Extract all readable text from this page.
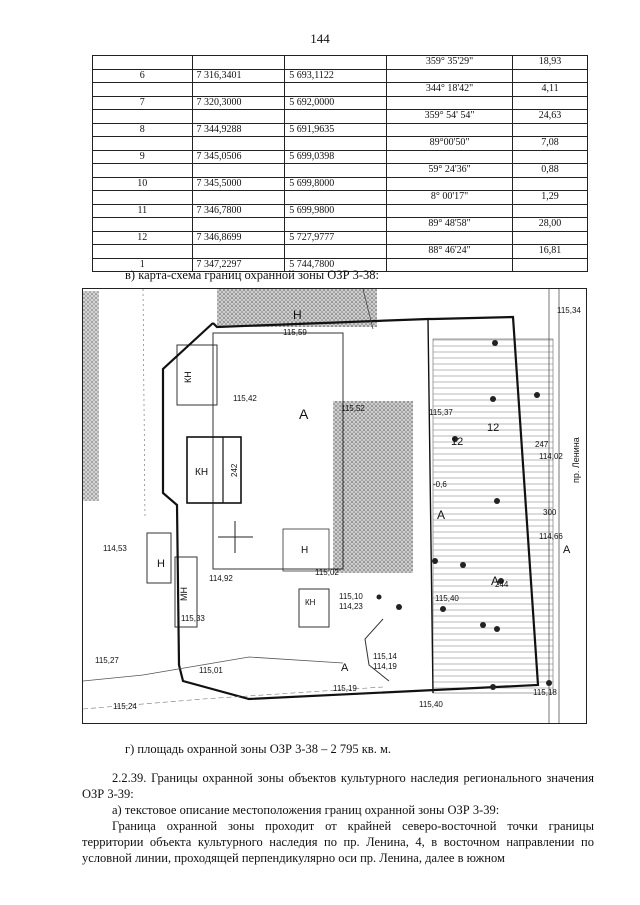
144
			359° 35'29"	18,93
6	7 316,3401	5 693,1122		
			344° 18'42"	4,11
7	7 320,3000	5 692,0000		
			359° 54' 54"	24,63
8	7 344,9288	5 691,9635		
			89°00'50"	7,08
9	7 345,0506	5 699,0398		
			59° 24'36"	0,88
10	7 345,5000	5 699,8000		
			8° 00'17"	1,29
11	7 346,7800	5 699,9800		
			89° 48'58"	28,00
12	7 346,8699	5 727,9777		
			88° 46'24"	16,81
1	7 347,2297	5 744,7800		
в) карта-схема границ охранной зоны ОЗР 3-38:
Н
КН
А
КН
Н
МН
КН
Н
А
А
А
А
115,59
115,42
115,52	115,37
114,53
114,92
115,02
115,10
114,23
115,40
115,14
114,19
115,19
115,27
115,01
115,33
114,02
114,66
115,18
115,34
115,24	115,40
247
300
244
12
12
-0,6
242	пр. Ленина
г) площадь охранной зоны ОЗР 3-38 – 2 795 кв. м.
2.2.39. Границы охранной зоны объектов культурного наследия регионального значения ОЗР 3-39:
а) текстовое описание местоположения границ охранной зоны ОЗР 3-39:
Граница охранной зоны проходит от крайней северо-восточной точки границы территории объекта культурного наследия по пр. Ленина, 4, в восточном направлении по условной линии, проходящей перпендикулярно оси пр. Ленина, далее в южном
